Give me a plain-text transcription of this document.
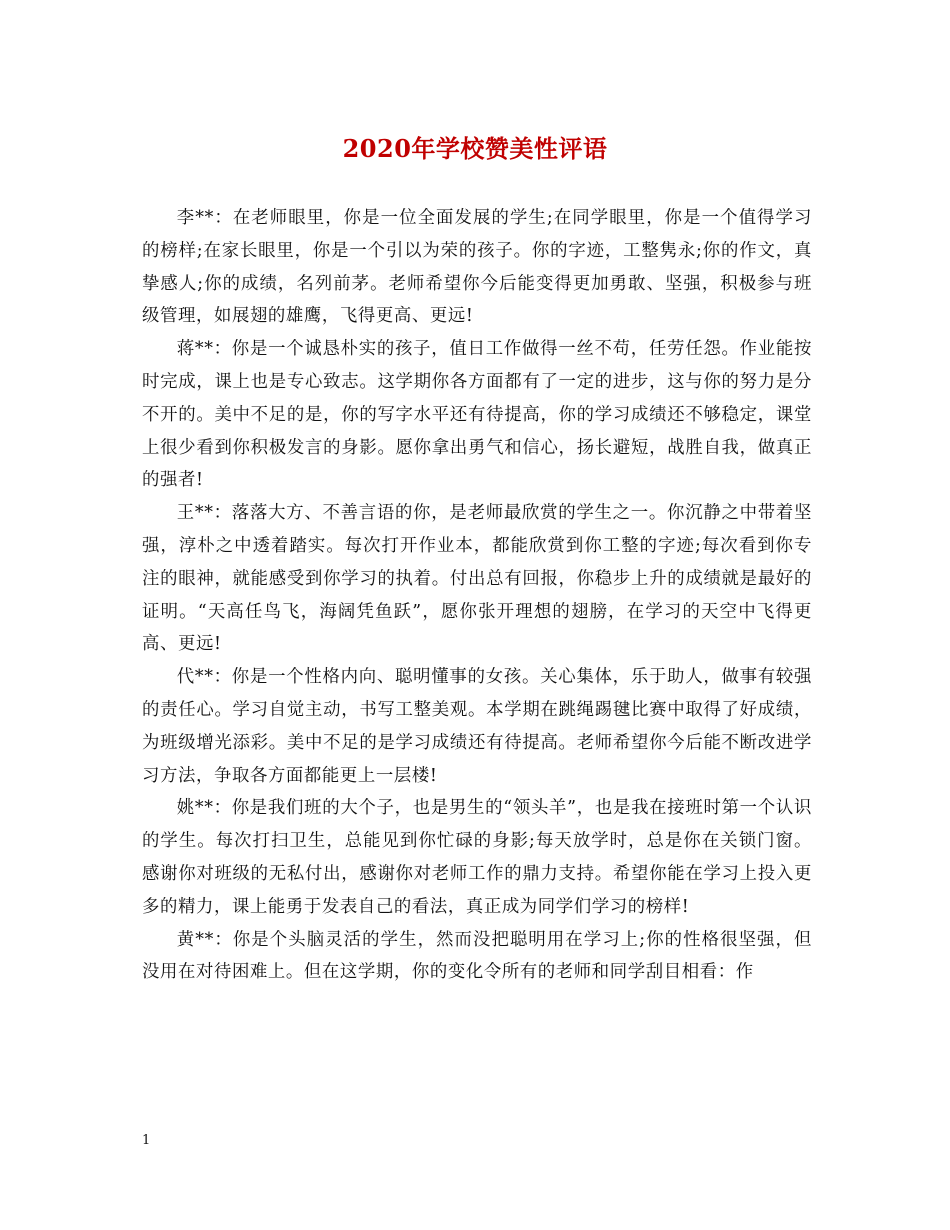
2020年学校赞美性评语

李**：在老师眼里，你是一位全面发展的学生;在同学眼里，你是一个值得学习的榜样;在家长眼里，你是一个引以为荣的孩子。你的字迹，工整隽永;你的作文，真挚感人;你的成绩，名列前茅。老师希望你今后能变得更加勇敢、坚强，积极参与班级管理，如展翅的雄鹰，飞得更高、更远!

蒋**：你是一个诚恳朴实的孩子，值日工作做得一丝不苟，任劳任怨。作业能按时完成，课上也是专心致志。这学期你各方面都有了一定的进步，这与你的努力是分不开的。美中不足的是，你的写字水平还有待提高，你的学习成绩还不够稳定，课堂上很少看到你积极发言的身影。愿你拿出勇气和信心，扬长避短，战胜自我，做真正的强者!

王**：落落大方、不善言语的你，是老师最欣赏的学生之一。你沉静之中带着坚强，淳朴之中透着踏实。每次打开作业本，都能欣赏到你工整的字迹;每次看到你专注的眼神，就能感受到你学习的执着。付出总有回报，你稳步上升的成绩就是最好的证明。“天高任鸟飞，海阔凭鱼跃”，愿你张开理想的翅膀，在学习的天空中飞得更高、更远!

代**：你是一个性格内向、聪明懂事的女孩。关心集体，乐于助人，做事有较强的责任心。学习自觉主动，书写工整美观。本学期在跳绳踢毽比赛中取得了好成绩，为班级增光添彩。美中不足的是学习成绩还有待提高。老师希望你今后能不断改进学习方法，争取各方面都能更上一层楼!

姚**：你是我们班的大个子，也是男生的“领头羊”，也是我在接班时第一个认识的学生。每次打扫卫生，总能见到你忙碌的身影;每天放学时，总是你在关锁门窗。感谢你对班级的无私付出，感谢你对老师工作的鼎力支持。希望你能在学习上投入更多的精力，课上能勇于发表自己的看法，真正成为同学们学习的榜样!

黄**：你是个头脑灵活的学生，然而没把聪明用在学习上;你的性格很坚强，但没用在对待困难上。但在这学期，你的变化令所有的老师和同学刮目相看：作

1
